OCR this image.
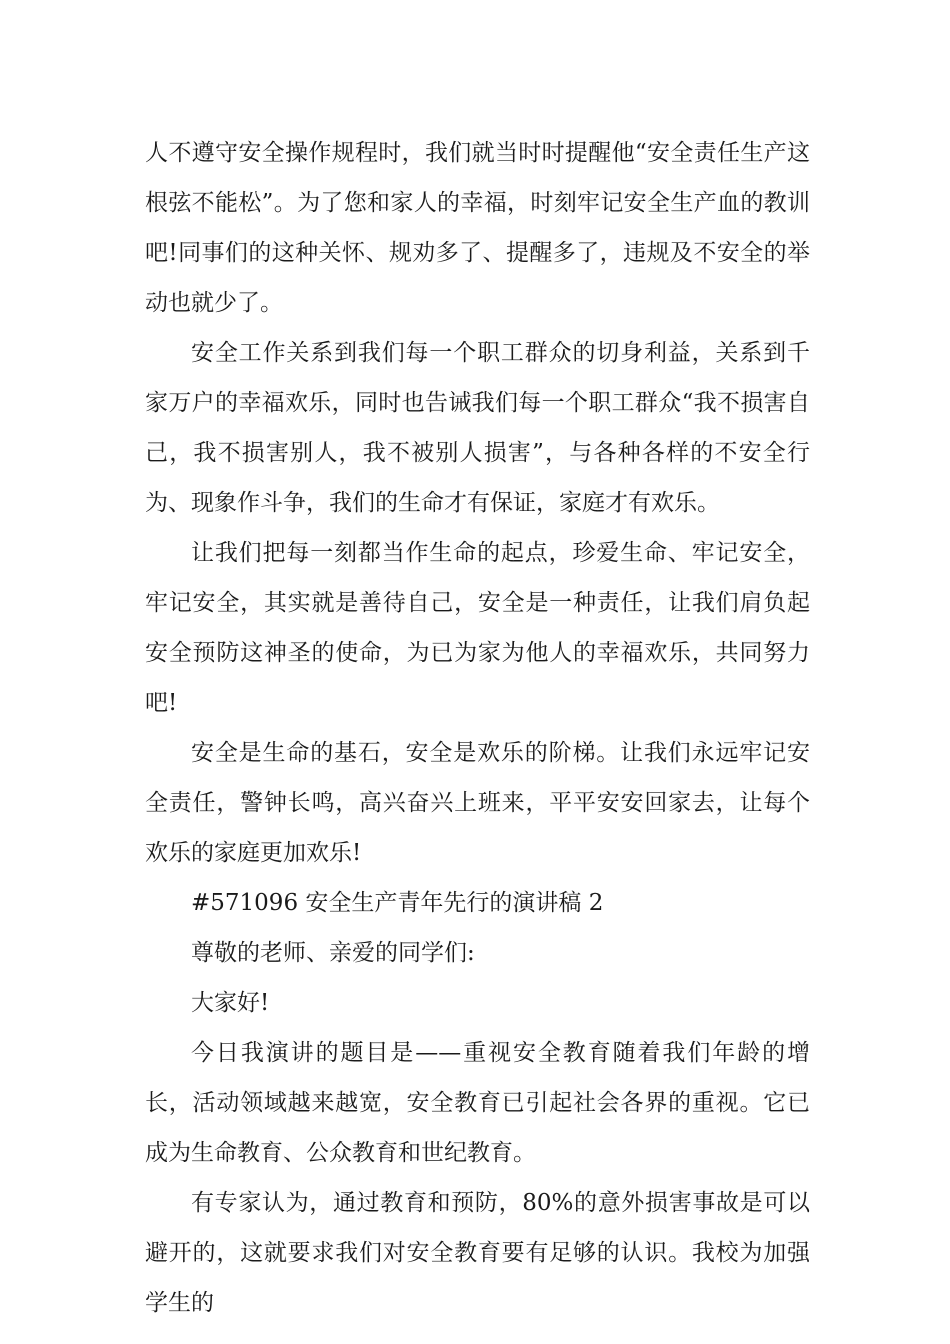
人不遵守安全操作规程时，我们就当时时提醒他“安全责任生产这根弦不能松”。为了您和家人的幸福，时刻牢记安全生产血的教训吧!同事们的这种关怀、规劝多了、提醒多了，违规及不安全的举动也就少了。

安全工作关系到我们每一个职工群众的切身利益，关系到千家万户的幸福欢乐，同时也告诫我们每一个职工群众“我不损害自己，我不损害别人，我不被别人损害”，与各种各样的不安全行为、现象作斗争，我们的生命才有保证，家庭才有欢乐。

让我们把每一刻都当作生命的起点，珍爱生命、牢记安全，牢记安全，其实就是善待自己，安全是一种责任，让我们肩负起安全预防这神圣的使命，为已为家为他人的幸福欢乐，共同努力吧!

安全是生命的基石，安全是欢乐的阶梯。让我们永远牢记安全责任，警钟长鸣，高兴奋兴上班来，平平安安回家去，让每个欢乐的家庭更加欢乐!

#571096 安全生产青年先行的演讲稿 2

尊敬的老师、亲爱的同学们:

大家好!

今日我演讲的题目是——重视安全教育随着我们年龄的增长，活动领域越来越宽，安全教育已引起社会各界的重视。它已成为生命教育、公众教育和世纪教育。

有专家认为，通过教育和预防，80%的意外损害事故是可以避开的，这就要求我们对安全教育要有足够的认识。我校为加强学生的
